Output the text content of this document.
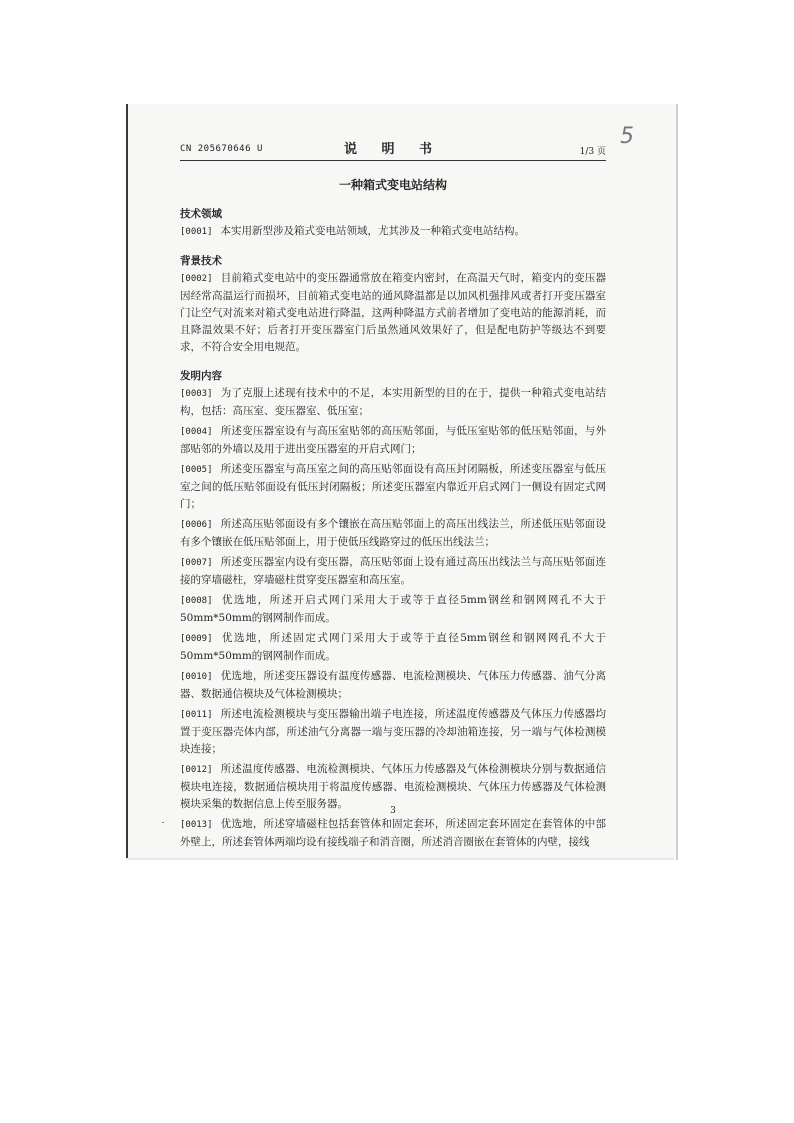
CN 205670646 U	说 明 书	1/3 页
5
一种箱式变电站结构
技术领域

[0001] 本实用新型涉及箱式变电站领域，尤其涉及一种箱式变电站结构。

背景技术

[0002] 目前箱式变电站中的变压器通常放在箱变内密封，在高温天气时，箱变内的变压器因经常高温运行而损坏，目前箱式变电站的通风降温都是以加风机强排风或者打开变压器室门让空气对流来对箱式变电站进行降温，这两种降温方式前者增加了变电站的能源消耗，而且降温效果不好；后者打开变压器室门后虽然通风效果好了，但是配电防护等级达不到要求，不符合安全用电规范。

发明内容

[0003] 为了克服上述现有技术中的不足，本实用新型的目的在于，提供一种箱式变电站结构，包括：高压室、变压器室、低压室；

[0004] 所述变压器室设有与高压室贴邻的高压贴邻面，与低压室贴邻的低压贴邻面，与外部贴邻的外墙以及用于进出变压器室的开启式网门；

[0005] 所述变压器室与高压室之间的高压贴邻面设有高压封闭隔板，所述变压器室与低压室之间的低压贴邻面设有低压封闭隔板；所述变压器室内靠近开启式网门一侧设有固定式网门；

[0006] 所述高压贴邻面设有多个镶嵌在高压贴邻面上的高压出线法兰，所述低压贴邻面设有多个镶嵌在低压贴邻面上，用于使低压线路穿过的低压出线法兰；

[0007] 所述变压器室内设有变压器，高压贴邻面上设有通过高压出线法兰与高压贴邻面连接的穿墙磁柱，穿墙磁柱贯穿变压器室和高压室。

[0008] 优选地，所述开启式网门采用大于或等于直径5mm钢丝和钢网网孔不大于50mm*50mm的钢网制作而成。

[0009] 优选地，所述固定式网门采用大于或等于直径5mm钢丝和钢网网孔不大于50mm*50mm的钢网制作而成。

[0010] 优选地，所述变压器设有温度传感器、电流检测模块、气体压力传感器、油气分离器、数据通信模块及气体检测模块；

[0011] 所述电流检测模块与变压器输出端子电连接，所述温度传感器及气体压力传感器均置于变压器壳体内部，所述油气分离器一端与变压器的冷却油箱连接，另一端与气体检测模块连接；

[0012] 所述温度传感器、电流检测模块、气体压力传感器及气体检测模块分别与数据通信模块电连接，数据通信模块用于将温度传感器、电流检测模块、气体压力传感器及气体检测模块采集的数据信息上传至服务器。

[0013] 优选地，所述穿墙磁柱包括套管体和固定套环，所述固定套环固定在套管体的中部外壁上，所述套管体两端均设有接线端子和消音圈，所述消音圈嵌在套管体的内壁，接线

3
